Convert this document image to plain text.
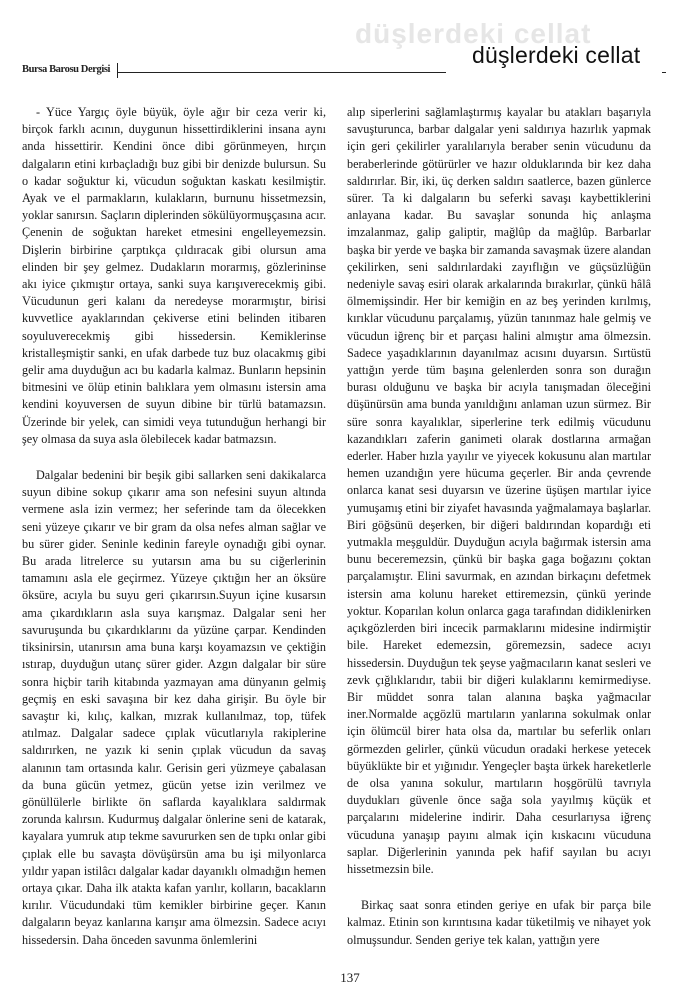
düşlerdeki cellat
Bursa Barosu Dergisi
düşlerdeki cellat

- Yüce Yargıç öyle büyük, öyle ağır bir ceza verir ki, birçok farklı acının, duygunun hissettirdiklerini insana aynı anda hissettirir. Kendini önce dibi görünmeyen, hırçın dalgaların etini kırbaçladığı buz gibi bir denizde bulursun. Su o kadar soğuktur ki, vücudun soğuktan kaskatı kesilmiştir. Ayak ve el parmakların, kulakların, burnunu hissetmezsin, yoklar sanırsın. Saçların diplerinden sökülüyormuşçasına acır. Çenenin de soğuktan hareket etmesini engelleyemezsin. Dişlerin birbirine çarptıkça çıldıracak gibi olursun ama elinden bir şey gelmez. Dudakların morarmış, gözlerininse akı iyice çıkmıştır ortaya, sanki suya karışıverecekmiş gibi. Vücudunun geri kalanı da neredeyse morarmıştır, birisi kuvvetlice ayaklarından çekiverse etini belinden itibaren soyuluverecekmiş gibi hissedersin. Kemiklerinse kristalleşmiştir sanki, en ufak darbede tuz buz olacakmış gibi gelir ama duyduğun acı bu kadarla kalmaz. Bunların hepsinin bitmesini ve ölüp etinin balıklara yem olmasını istersin ama kendini koyuversen de suyun dibine bir türlü batamazsın. Üzerinde bir yelek, can simidi veya tutunduğun herhangi bir şey olmasa da suya asla ölebilecek kadar batmazsın.

Dalgalar bedenini bir beşik gibi sallarken seni dakikalarca suyun dibine sokup çıkarır ama son nefesini suyun altında vermene asla izin vermez; her seferinde tam da ölecekken seni yüzeye çıkarır ve bir gram da olsa nefes alman sağlar ve bu sürer gider. Seninle kedinin fareyle oynadığı gibi oynar. Bu arada litrelerce su yutarsın ama bu su ciğerlerinin tamamını asla ele geçirmez. Yüzeye çıktığın her an öksüre öksüre, acıyla bu suyu geri çıkarırsın.Suyun içine kusarsın ama çıkardıkların asla suya karışmaz. Dalgalar seni her savuruşunda bu çıkardıklarını da yüzüne çarpar. Kendinden tiksinirsin, utanırsın ama buna karşı koyamazsın ve çektiğin ıstırap, duyduğun utanç sürer gider. Azgın dalgalar bir süre sonra hiçbir tarih kitabında yazmayan ama dünyanın gelmiş geçmiş en eski savaşına bir kez daha girişir. Bu öyle bir savaştır ki, kılıç, kalkan, mızrak kullanılmaz, top, tüfek atılmaz. Dalgalar sadece çıplak vücutlarıyla rakiplerine saldırırken, ne yazık ki senin çıplak vücudun da savaş alanının tam ortasında kalır. Gerisin geri yüzmeye çabalasan da buna gücün yetmez, gücün yetse izin verilmez ve gönüllülerle birlikte ön saflarda kayalıklara saldırmak zorunda kalırsın. Kudurmuş dalgalar önlerine seni de katarak, kayalara yumruk atıp tekme savururken sen de tıpkı onlar gibi çıplak elle bu savaşta dövüşürsün ama bu işi milyonlarca yıldır yapan istilâcı dalgalar kadar dayanıklı olmadığın hemen ortaya çıkar. Daha ilk atakta kafan yarılır, kolların, bacakların kırılır. Vücudundaki tüm kemikler birbirine geçer. Kanın dalgaların beyaz kanlarına karışır ama ölmezsin. Sadece acıyı hissedersin. Daha önceden savunma önlemlerini

alıp siperlerini sağlamlaştırmış kayalar bu atakları başarıyla savuşturunca, barbar dalgalar yeni saldırıya hazırlık yapmak için geri çekilirler yaralılarıyla beraber senin vücudunu da beraberlerinde götürürler ve hazır olduklarında bir kez daha saldırırlar. Bir, iki, üç derken saldırı saatlerce, bazen günlerce sürer. Ta ki dalgaların bu seferki savaşı kaybettiklerini anlayana kadar. Bu savaşlar sonunda hiç anlaşma imzalanmaz, galip galiptir, mağlûp da mağlûp. Barbarlar başka bir yerde ve başka bir zamanda savaşmak üzere alandan çekilirken, seni saldırılardaki zayıflığın ve güçsüzlüğün nedeniyle savaş esiri olarak arkalarında bırakırlar, çünkü hâlâ ölmemişsindir. Her bir kemiğin en az beş yerinden kırılmış, kırıklar vücudunu parçalamış, yüzün tanınmaz hale gelmiş ve vücudun iğrenç bir et parçası halini almıştır ama ölmezsin. Sadece yaşadıklarının dayanılmaz acısını duyarsın. Sırtüstü yattığın yerde tüm başına gelenlerden sonra son durağın burası olduğunu ve başka bir acıyla tanışmadan öleceğini düşünürsün ama bunda yanıldığını anlaman uzun sürmez. Bir süre sonra kayalıklar, siperlerine terk edilmiş vücudunu kazandıkları zaferin ganimeti olarak dostlarına armağan ederler. Haber hızla yayılır ve yiyecek kokusunu alan martılar hemen uzandığın yere hücuma geçerler. Bir anda çevrende onlarca kanat sesi duyarsın ve üzerine üşüşen martılar iyice yumuşamış etini bir ziyafet havasında yağmalamaya başlarlar. Biri göğsünü deşerken, bir diğeri baldırından kopardığı eti yutmakla meşguldür. Duyduğun acıyla bağırmak istersin ama bunu beceremezsin, çünkü bir başka gaga boğazını çoktan parçalamıştır. Elini savurmak, en azından birkaçını defetmek istersin ama kolunu hareket ettiremezsin, çünkü yerinde yoktur. Koparılan kolun onlarca gaga tarafından didiklenirken açıkgözlerden biri incecik parmaklarını midesine indirmiştir bile. Hareket edemezsin, göremezsin, sadece acıyı hissedersin. Duyduğun tek şeyse yağmacıların kanat sesleri ve zevk çığlıklarıdır, tabii bir diğeri kulaklarını kemirmediyse. Bir müddet sonra talan alanına başka yağmacılar iner.Normalde açgözlü martıların yanlarına sokulmak onlar için ölümcül birer hata olsa da, martılar bu seferlik onları görmezden gelirler, çünkü vücudun oradaki herkese yetecek büyüklükte bir et yığınıdır. Yengeçler başta ürkek hareketlerle de olsa yanına sokulur, martıların hoşgörülü tavrıyla duydukları güvenle önce sağa sola yayılmış küçük et parçalarını midelerine indirir. Daha cesurlarıysa iğrenç vücuduna yanaşıp payını almak için kıskacını vücuduna saplar. Diğerlerinin yanında pek hafif sayılan bu acıyı hissetmezsin bile.

Birkaç saat sonra etinden geriye en ufak bir parça bile kalmaz. Etinin son kırıntısına kadar tüketilmiş ve nihayet yok olmuşsundur. Senden geriye tek kalan, yattığın yere

137
